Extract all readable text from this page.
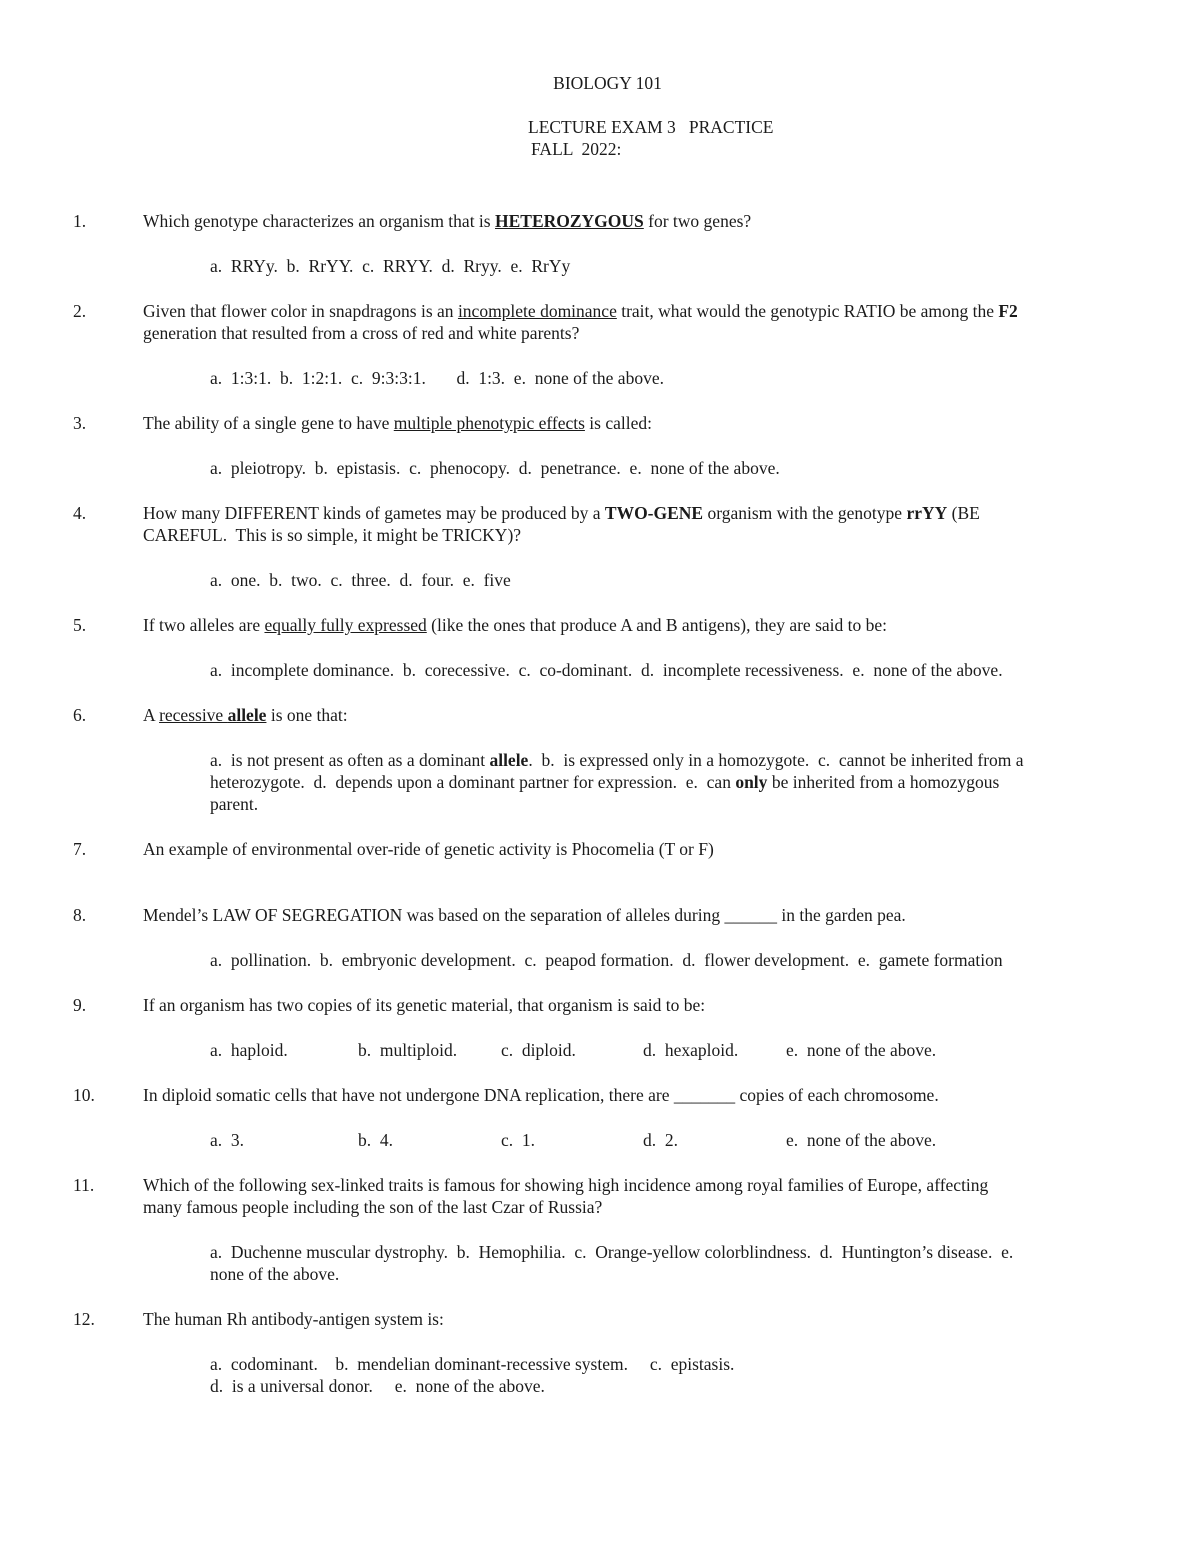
BIOLOGY 101

LECTURE EXAM 3   PRACTICE

FALL  2022:

1.	Which genotype characterizes an organism that is HETEROZYGOUS for two genes?

a.  RRYy.  b.  RrYY.  c.  RRYY.  d.  Rryy.  e.  RrYy

2.	Given that flower color in snapdragons is an incomplete dominance trait, what would the genotypic RATIO be among the F2
generation that resulted from a cross of red and white parents?

a.  1:3:1.  b.  1:2:1.  c.  9:3:3:1.       d.  1:3.  e.  none of the above.

3.	The ability of a single gene to have multiple phenotypic effects is called:

a.  pleiotropy.  b.  epistasis.  c.  phenocopy.  d.  penetrance.  e.  none of the above.

4.	How many DIFFERENT kinds of gametes may be produced by a TWO-GENE organism with the genotype rrYY (BE
CAREFUL.  This is so simple, it might be TRICKY)?

a.  one.  b.  two.  c.  three.  d.  four.  e.  five

5.	If two alleles are equally fully expressed (like the ones that produce A and B antigens), they are said to be:

a.  incomplete dominance.  b.  corecessive.  c.  co-dominant.  d.  incomplete recessiveness.  e.  none of the above.

6.	A recessive allele is one that:

a.  is not present as often as a dominant allele.  b.  is expressed only in a homozygote.  c.  cannot be inherited from a
heterozygote.  d.  depends upon a dominant partner for expression.  e.  can only be inherited from a homozygous
parent.

7.	An example of environmental over-ride of genetic activity is Phocomelia (T or F)

8.	Mendel’s LAW OF SEGREGATION was based on the separation of alleles during ______ in the garden pea.

a.  pollination.  b.  embryonic development.  c.  peapod formation.  d.  flower development.  e.  gamete formation

9.	If an organism has two copies of its genetic material, that organism is said to be:

a.  haploid.	b.  multiploid.	c.  diploid.	d.  hexaploid.	e.  none of the above.

10.	In diploid somatic cells that have not undergone DNA replication, there are _______ copies of each chromosome.

a.  3.	b.  4.	c.  1.	d.  2.	e.  none of the above.

11.	Which of the following sex-linked traits is famous for showing high incidence among royal families of Europe, affecting
many famous people including the son of the last Czar of Russia?

a.  Duchenne muscular dystrophy.  b.  Hemophilia.  c.  Orange-yellow colorblindness.  d.  Huntington’s disease.  e.
none of the above.

12.	The human Rh antibody-antigen system is:

a.  codominant.    b.  mendelian dominant-recessive system.     c.  epistasis.
d.  is a universal donor.     e.  none of the above.
